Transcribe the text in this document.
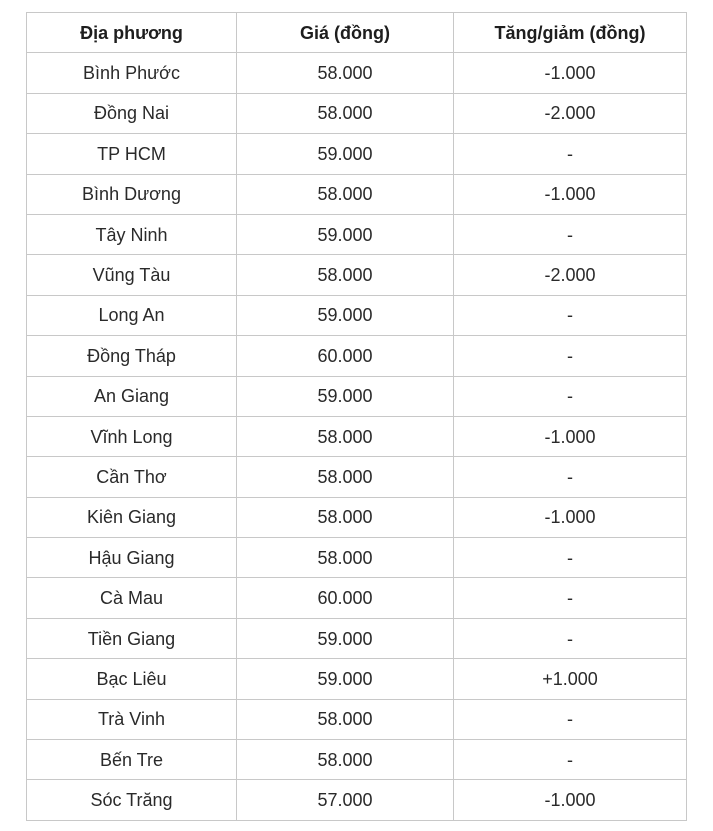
Địa phương	Giá (đồng)	Tăng/giảm (đồng)
Bình Phước	58.000	-1.000
Đồng Nai	58.000	-2.000
TP HCM	59.000	-
Bình Dương	58.000	-1.000
Tây Ninh	59.000	-
Vũng Tàu	58.000	-2.000
Long An	59.000	-
Đồng Tháp	60.000	-
An Giang	59.000	-
Vĩnh Long	58.000	-1.000
Cần Thơ	58.000	-
Kiên Giang	58.000	-1.000
Hậu Giang	58.000	-
Cà Mau	60.000	-
Tiền Giang	59.000	-
Bạc Liêu	59.000	+1.000
Trà Vinh	58.000	-
Bến Tre	58.000	-
Sóc Trăng	57.000	-1.000
